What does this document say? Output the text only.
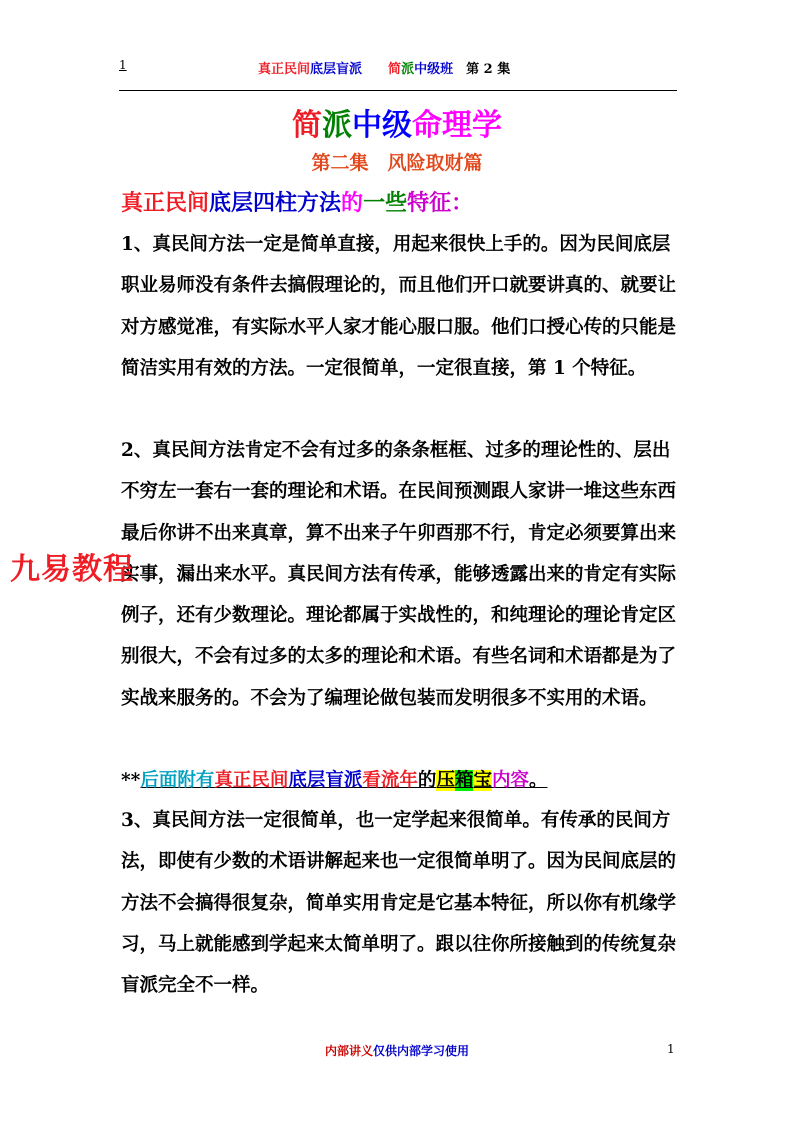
1	真正民间底层盲派　　 简派中级班　第 2 集
简派中级命理学
第二集　风险取财篇
真正民间底层四柱方法的一些特征：

1、真民间方法一定是简单直接，用起来很快上手的。因为民间底层职业易师没有条件去搞假理论的，而且他们开口就要讲真的、就要让对方感觉准，有实际水平人家才能心服口服。他们口授心传的只能是简洁实用有效的方法。一定很简单，一定很直接，第 1 个特征。

2、真民间方法肯定不会有过多的条条框框、过多的理论性的、层出不穷左一套右一套的理论和术语。在民间预测跟人家讲一堆这些东西最后你讲不出来真章，算不出来子午卯酉那不行，肯定必须要算出来实事，漏出来水平。真民间方法有传承，能够透露出来的肯定有实际例子，还有少数理论。理论都属于实战性的，和纯理论的理论肯定区别很大，不会有过多的太多的理论和术语。有些名词和术语都是为了实战来服务的。不会为了编理论做包装而发明很多不实用的术语。

**后面附有真正民间底层盲派看流年的压箱宝内容。

3、真民间方法一定很简单，也一定学起来很简单。有传承的民间方法，即使有少数的术语讲解起来也一定很简单明了。因为民间底层的方法不会搞得很复杂，简单实用肯定是它基本特征，所以你有机缘学习，马上就能感到学起来太简单明了。跟以往你所接触到的传统复杂盲派完全不一样。

九易教程
内部讲义仅供内部学习使用	1
